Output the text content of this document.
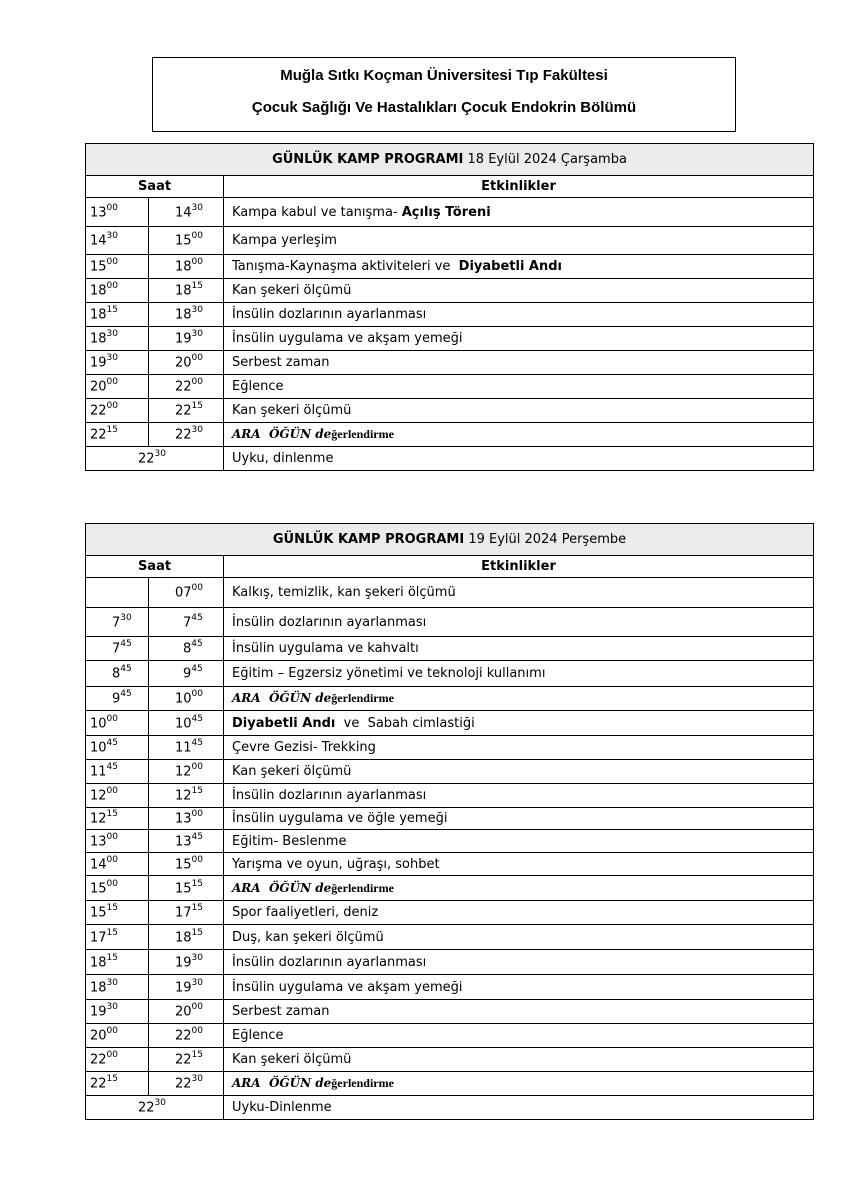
Muğla Sıtkı Koçman Üniversitesi Tıp Fakültesi
Çocuk Sağlığı Ve Hastalıkları Çocuk Endokrin Bölümü
GÜNLÜK KAMP PROGRAMI 18 Eylül 2024 Çarşamba		
Saat		Etkinlikler
$13^{00}$	$14^{30}$	Kampa kabul ve tanışma- Açılış Töreni
$14^{30}$	$15^{00}$	Kampa yerleşim
$15^{00}$	$18^{00}$	Tanışma-Kaynaşma aktiviteleri ve  Diyabetli Andı
$18^{00}$	$18^{15}$	Kan şekeri ölçümü
$18^{15}$	$18^{30}$	İnsülin dozlarının ayarlanması
$18^{30}$	$19^{30}$	İnsülin uygulama ve akşam yemeği
$19^{30}$	$20^{00}$	Serbest zaman
$20^{00}$	$22^{00}$	Eğlence
$22^{00}$	$22^{15}$	Kan şekeri ölçümü
$22^{15}$	$22^{30}$	ARA  ÖĞÜN değerlendirme
$22^{30}$		Uyku, dinlenme
GÜNLÜK KAMP PROGRAMI 19 Eylül 2024 Perşembe		
Saat		Etkinlikler
	$07^{00}$	Kalkış, temizlik, kan şekeri ölçümü
$7^{30}$	$7^{45}$	İnsülin dozlarının ayarlanması
$7^{45}$	$8^{45}$	İnsülin uygulama ve kahvaltı
$8^{45}$	$9^{45}$	Eğitim – Egzersiz yönetimi ve teknoloji kullanımı
$9^{45}$	$10^{00}$	ARA  ÖĞÜN değerlendirme
$10^{00}$	$10^{45}$	Diyabetli Andı  ve  Sabah cimlastiği
$10^{45}$	$11^{45}$	Çevre Gezisi- Trekking
$11^{45}$	$12^{00}$	Kan şekeri ölçümü
$12^{00}$	$12^{15}$	İnsülin dozlarının ayarlanması
$12^{15}$	$13^{00}$	İnsülin uygulama ve öğle yemeği
$13^{00}$	$13^{45}$	Eğitim- Beslenme
$14^{00}$	$15^{00}$	Yarışma ve oyun, uğraşı, sohbet
$15^{00}$	$15^{15}$	ARA  ÖĞÜN değerlendirme
$15^{15}$	$17^{15}$	Spor faaliyetleri, deniz
$17^{15}$	$18^{15}$	Duş, kan şekeri ölçümü
$18^{15}$	$19^{30}$	İnsülin dozlarının ayarlanması
$18^{30}$	$19^{30}$	İnsülin uygulama ve akşam yemeği
$19^{30}$	$20^{00}$	Serbest zaman
$20^{00}$	$22^{00}$	Eğlence
$22^{00}$	$22^{15}$	Kan şekeri ölçümü
$22^{15}$	$22^{30}$	ARA  ÖĞÜN değerlendirme
$22^{30}$		Uyku-Dinlenme
